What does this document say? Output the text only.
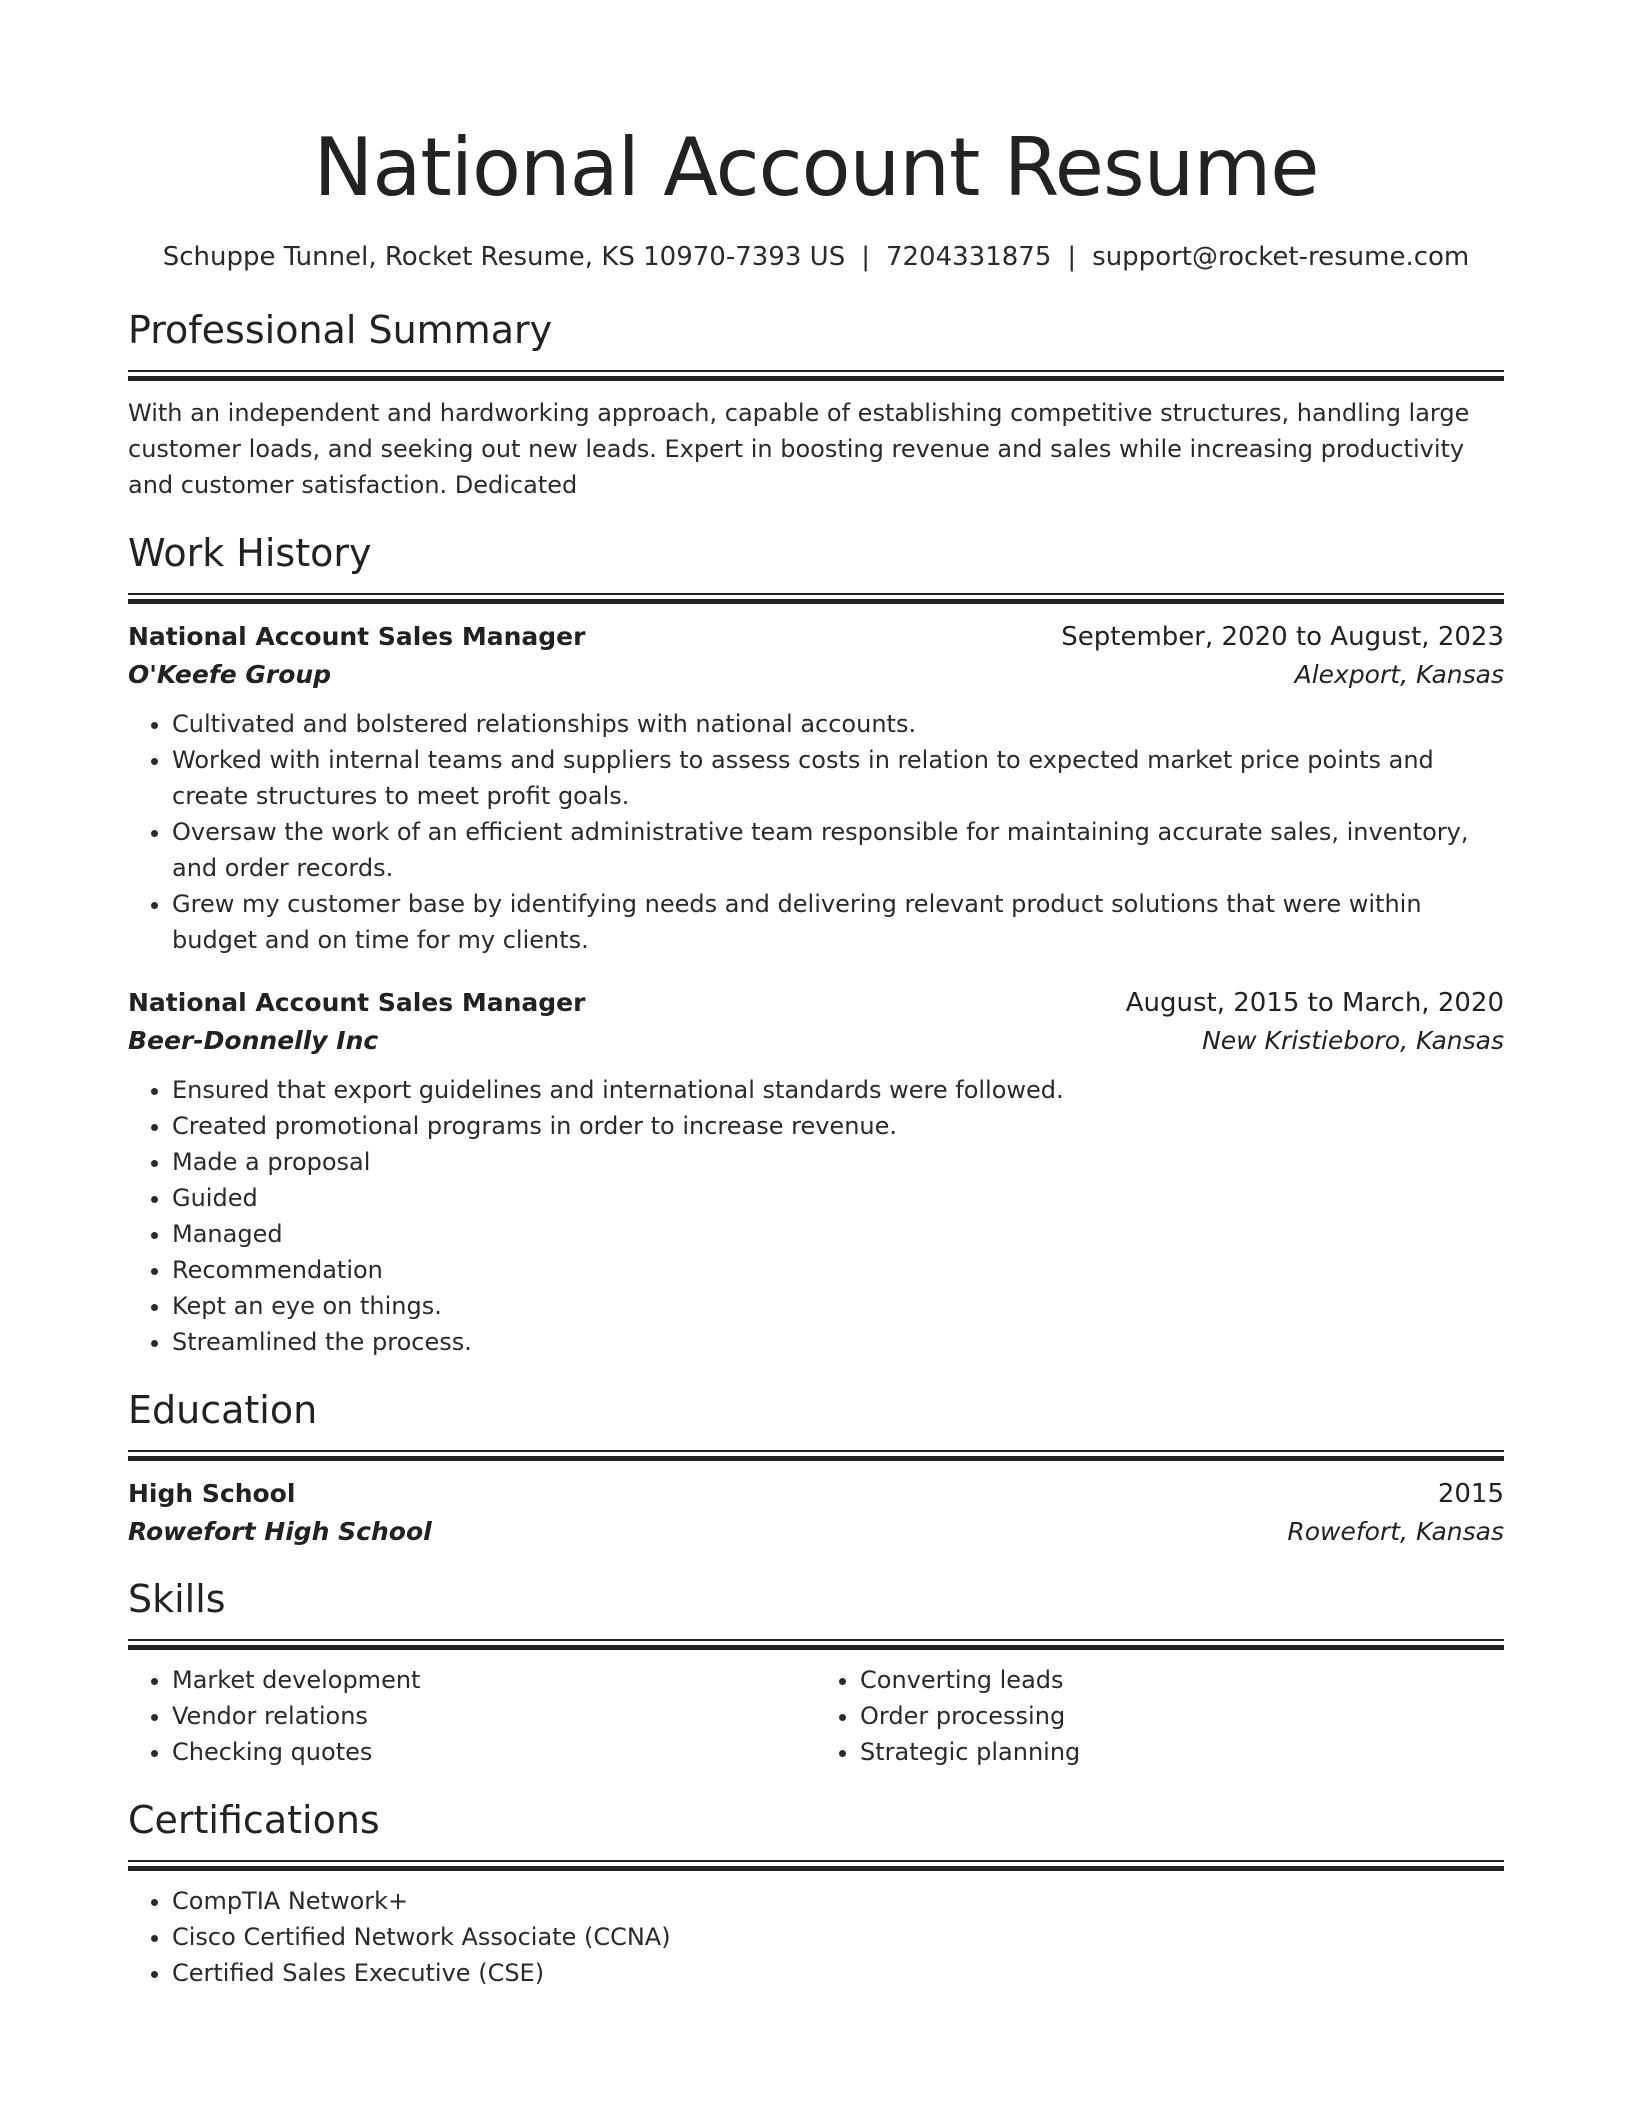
National Account Resume
Schuppe Tunnel, Rocket Resume, KS 10970-7393 US | 7204331875 | support@rocket-resume.com
Professional Summary
With an independent and hardworking approach, capable of establishing competitive structures, handling large customer loads, and seeking out new leads. Expert in boosting revenue and sales while increasing productivity and customer satisfaction. Dedicated
Work History
National Account Sales Manager	September, 2020 to August, 2023
O'Keefe Group	Alexport, Kansas
• Cultivated and bolstered relationships with national accounts.
• Worked with internal teams and suppliers to assess costs in relation to expected market price points and create structures to meet profit goals.
• Oversaw the work of an efficient administrative team responsible for maintaining accurate sales, inventory, and order records.
• Grew my customer base by identifying needs and delivering relevant product solutions that were within budget and on time for my clients.
National Account Sales Manager	August, 2015 to March, 2020
Beer-Donnelly Inc	New Kristieboro, Kansas
• Ensured that export guidelines and international standards were followed.
• Created promotional programs in order to increase revenue.
• Made a proposal
• Guided
• Managed
• Recommendation
• Kept an eye on things.
• Streamlined the process.
Education
High School	2015
Rowefort High School	Rowefort, Kansas
Skills
• Market development
• Vendor relations
• Checking quotes
• Converting leads
• Order processing
• Strategic planning
Certifications
• CompTIA Network+
• Cisco Certified Network Associate (CCNA)
• Certified Sales Executive (CSE)
